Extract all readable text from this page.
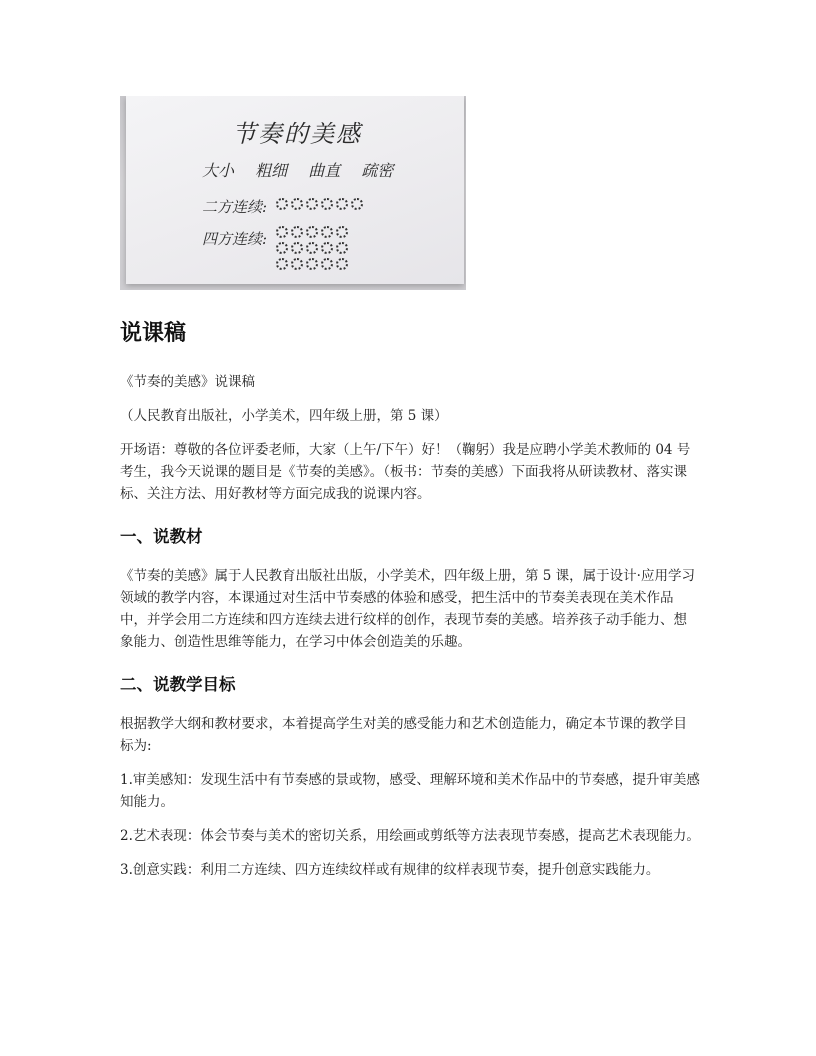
节奏的美感
大小 粗细 曲直 疏密
二方连续:
四方连续:
说课稿

《节奏的美感》说课稿

（人民教育出版社，小学美术，四年级上册，第 5 课）

开场语：尊敬的各位评委老师，大家（上午/下午）好！（鞠躬）我是应聘小学美术教师的 04 号考生，我今天说课的题目是《节奏的美感》。（板书：节奏的美感）下面我将从研读教材、落实课标、关注方法、用好教材等方面完成我的说课内容。

一、说教材

《节奏的美感》属于人民教育出版社出版，小学美术，四年级上册，第 5 课，属于设计·应用学习领域的教学内容，本课通过对生活中节奏感的体验和感受，把生活中的节奏美表现在美术作品中，并学会用二方连续和四方连续去进行纹样的创作，表现节奏的美感。培养孩子动手能力、想象能力、创造性思维等能力，在学习中体会创造美的乐趣。

二、说教学目标

根据教学大纲和教材要求，本着提高学生对美的感受能力和艺术创造能力，确定本节课的教学目标为:

1.审美感知：发现生活中有节奏感的景或物，感受、理解环境和美术作品中的节奏感，提升审美感知能力。

2.艺术表现：体会节奏与美术的密切关系，用绘画或剪纸等方法表现节奏感，提高艺术表现能力。

3.创意实践：利用二方连续、四方连续纹样或有规律的纹样表现节奏，提升创意实践能力。
